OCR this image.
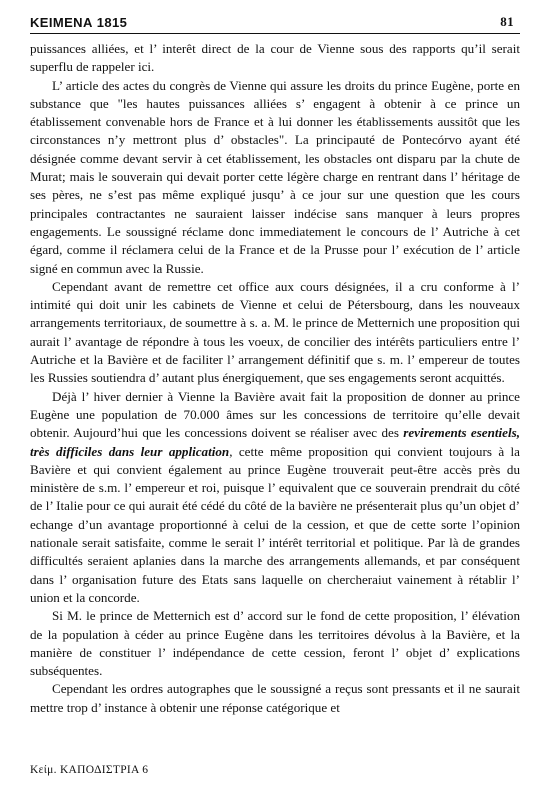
ΚΕΙΜΕΝΑ 1815	81

puissances alliées, et l’ interêt direct de la cour de Vienne sous des rapports qu’il serait superflu de rappeler ici.

L’ article des actes du congrès de Vienne qui assure les droits du prince Eugène, porte en substance que "les hautes puissances alliées s’ engagent à obtenir à ce prince un établissement convenable hors de France et à lui donner les établissements aussitôt que les circonstances n’y mettront plus d’ obstacles". La principauté de Pontecórvo ayant été désignée comme devant servir à cet établissement, les obstacles ont disparu par la chute de Murat; mais le souverain qui devait porter cette légère charge en rentrant dans l’ héritage de ses pères, ne s’est pas même expliqué jusqu’ à ce jour sur une question que les cours principales contractantes ne sauraient laisser indécise sans manquer à leurs propres engagements. Le soussigné réclame donc immediatement le concours de l’ Autriche à cet égard, comme il réclamera celui de la France et de la Prusse pour l’ exécution de l’ article signé en commun avec la Russie.

Cependant avant de remettre cet office aux cours désignées, il a cru conforme à l’ intimité qui doit unir les cabinets de Vienne et celui de Pétersbourg, dans les nouveaux arrangements territoriaux, de soumettre à s. a. M. le prince de Metternich une proposition qui aurait l’ avantage de répondre à tous les voeux, de concilier des intérêts particuliers entre l’ Autriche et la Bavière et de faciliter l’ arrangement définitif que s. m. l’ empereur de toutes les Russies soutiendra d’ autant plus énergiquement, que ses engagements seront acquittés.

Déjà l’ hiver dernier à Vienne la Bavière avait fait la proposition de donner au prince Eugène une population de 70.000 âmes sur les concessions de territoire qu’elle devait obtenir. Aujourd’hui que les concessions doivent se réaliser avec des revirements esentiels, très difficiles dans leur application, cette même proposition qui convient toujours à la Bavière et qui convient également au prince Eugène trouverait peut-être accès près du ministère de s.m. l’ empereur et roi, puisque l’ equivalent que ce souverain prendrait du côté de l’ Italie pour ce qui aurait été cédé du côté de la bavière ne présenterait plus qu’un objet d’ echange d’un avantage proportionné à celui de la cession, et que de cette sorte l’opinion nationale serait satisfaite, comme le serait l’ intérêt territorial et politique. Par là de grandes difficultés seraient aplanies dans la marche des arrangements allemands, et par conséquent dans l’ organisation future des Etats sans laquelle on chercheraiut vainement à rétablir l’ union et la concorde.

Si M. le prince de Metternich est d’ accord sur le fond de cette proposition, l’ élévation de la population à céder au prince Eugène dans les territoires dévolus à la Bavière, et la manière de constituer l’ indépendance de cette cession, feront l’ objet d’ explications subséquentes.

Cependant les ordres autographes que le soussigné a reçus sont pressants et il ne saurait mettre trop d’ instance à obtenir une réponse catégorique et

Κείμ. ΚΑΠΟΔΙΣΤΡΙΑ 6
